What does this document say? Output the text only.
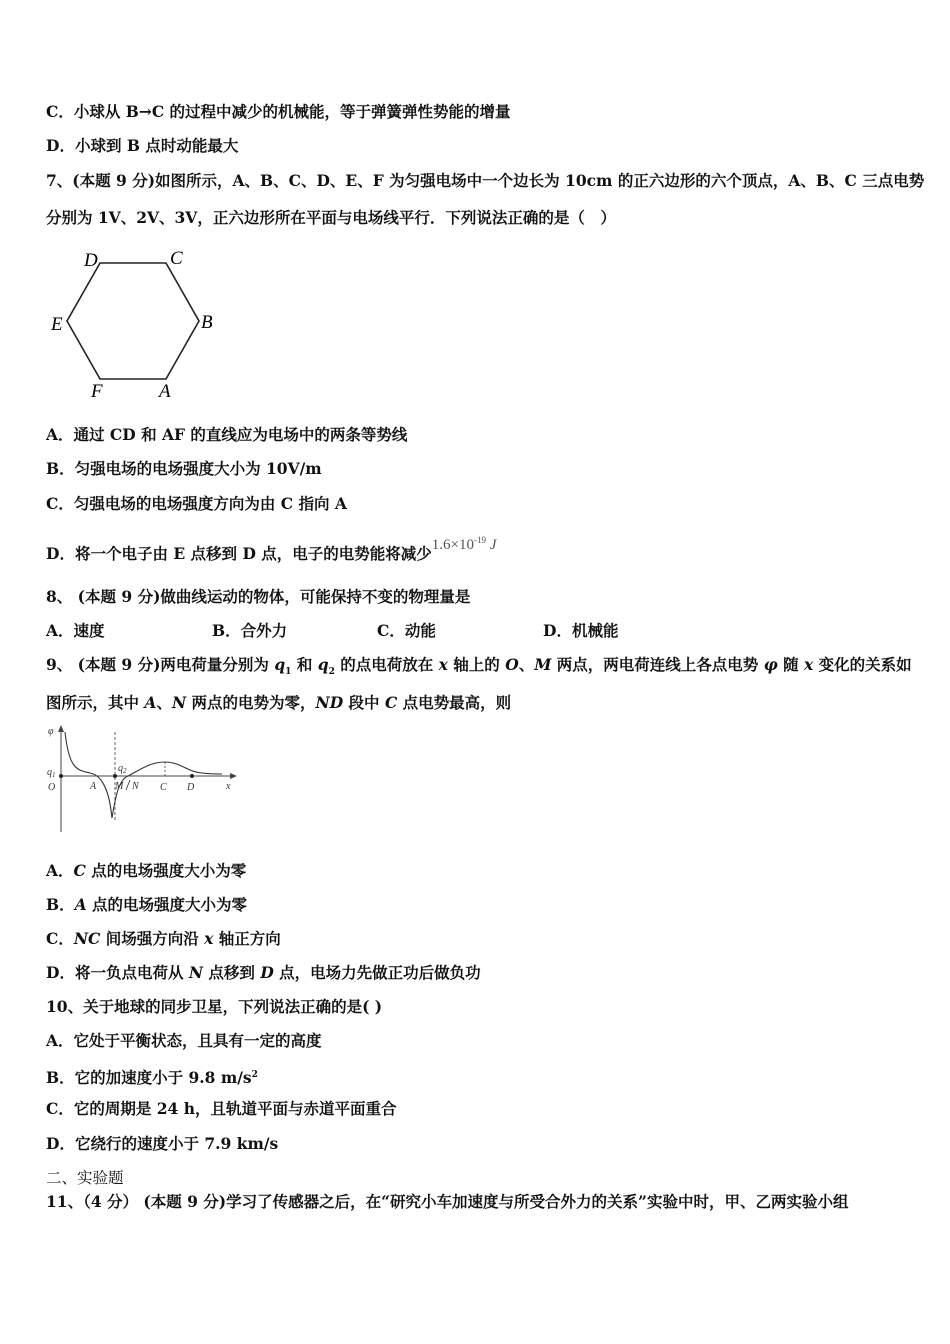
C．小球从 B→C 的过程中减少的机械能，等于弹簧弹性势能的增量
D．小球到 B 点时动能最大
7、(本题 9 分)如图所示，A、B、C、D、E、F 为匀强电场中一个边长为 10cm 的正六边形的六个顶点，A、B、C 三点电势
分别为 1V、2V、3V，正六边形所在平面与电场线平行．下列说法正确的是（　）
D	C
E	B
F	A
A．通过 CD 和 AF 的直线应为电场中的两条等势线
B．匀强电场的电场强度大小为 10V/m
C．匀强电场的电场强度方向为由 C 指向 A
D．将一个电子由 E 点移到 D 点，电子的电势能将减少$1.6\times 10^{-19}$ J
8、 (本题 9 分)做曲线运动的物体，可能保持不变的物理量是
A．速度	B．合外力	C．动能	D．机械能
9、 (本题 9 分)两电荷量分别为 $q_1$ 和 $q_2$ 的点电荷放在 x 轴上的 O、M 两点，两电荷连线上各点电势 φ 随 x 变化的关系如
图所示，其中 A、N 两点的电势为零，ND 段中 C 点电势最高，则
φ
$q_1$
$q_2$
O	A M N C D	x
A．C 点的电场强度大小为零
B．A 点的电场强度大小为零
C．NC 间场强方向沿 x 轴正方向
D．将一负点电荷从 N 点移到 D 点，电场力先做正功后做负功
10、关于地球的同步卫星，下列说法正确的是( )
A．它处于平衡状态，且具有一定的高度
B．它的加速度小于 9.8 $m/s^2$
C．它的周期是 24 h，且轨道平面与赤道平面重合
D．它绕行的速度小于 7.9 km/s
二、实验题
11、（4 分） (本题 9 分)学习了传感器之后，在“研究小车加速度与所受合外力的关系”实验中时，甲、乙两实验小组
